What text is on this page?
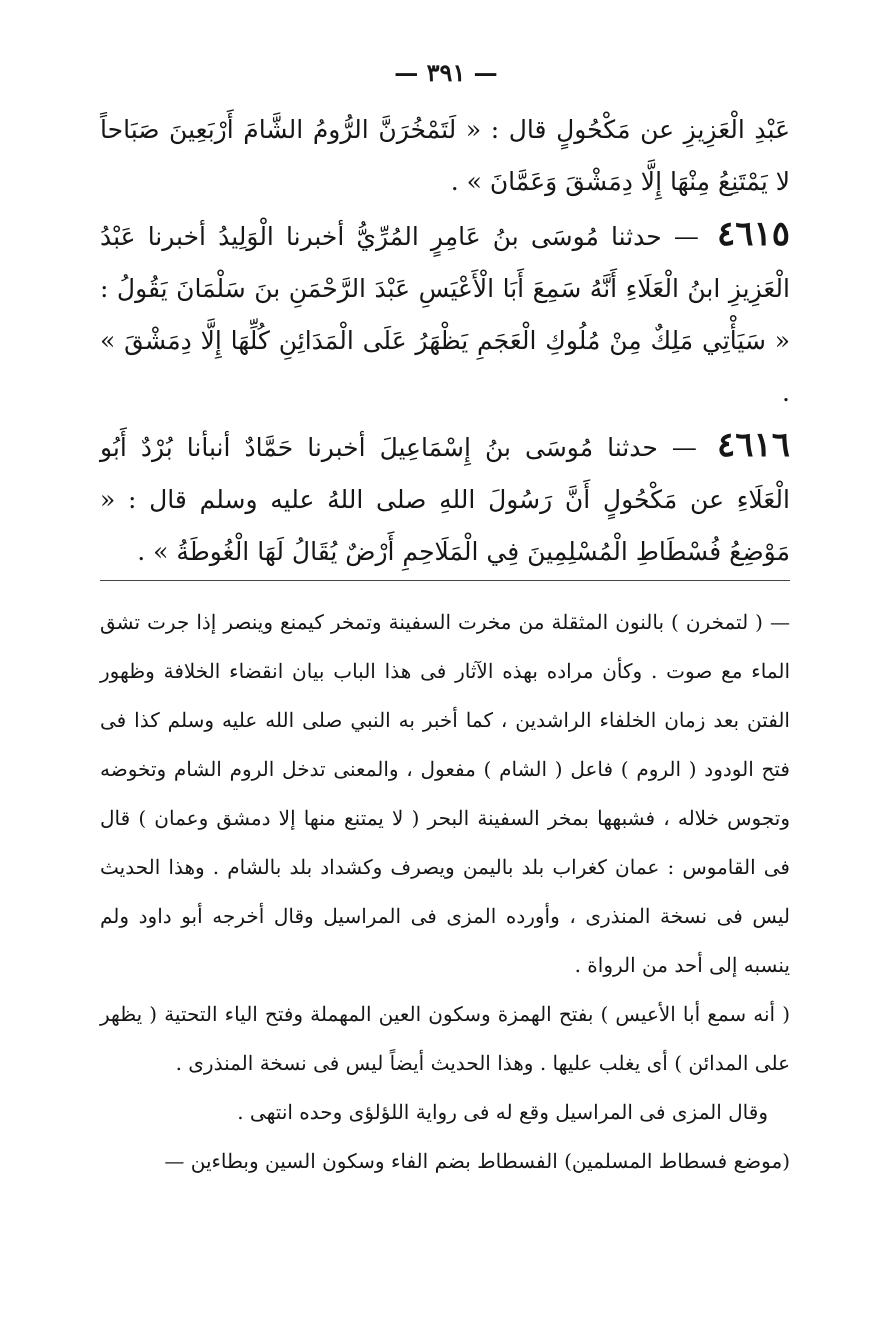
— ٣٩١ —

عَبْدِ الْعَزِيزِ عن مَكْحُولٍ قال : « لَتَمْخُرَنَّ الرُّومُ الشَّامَ أَرْبَعِينَ صَبَاحاً لا يَمْتَنِعُ مِنْهَا إِلَّا دِمَشْقَ وَعَمَّانَ » .

٤٦١٥ — حدثنا مُوسَى بنُ عَامِرٍ المُرِّيُّ أخبرنا الْوَلِيدُ أخبرنا عَبْدُ الْعَزِيزِ ابنُ الْعَلَاءِ أَنَّهُ سَمِعَ أَبَا الْأَعْيَسِ عَبْدَ الرَّحْمَنِ بنَ سَلْمَانَ يَقُولُ : « سَيَأْتِي مَلِكٌ مِنْ مُلُوكِ الْعَجَمِ يَظْهَرُ عَلَى الْمَدَائِنِ كُلِّهَا إِلَّا دِمَشْقَ » .

٤٦١٦ — حدثنا مُوسَى بنُ إِسْمَاعِيلَ أخبرنا حَمَّادٌ أنبأنا بُرْدٌ أَبُو الْعَلَاءِ عن مَكْحُولٍ أَنَّ رَسُولَ اللهِ صلى اللهُ عليه وسلم قال : « مَوْضِعُ فُسْطَاطِ الْمُسْلِمِينَ فِي الْمَلَاحِمِ أَرْضٌ يُقَالُ لَهَا الْغُوطَةُ » .

— ( لتمخرن ) بالنون المثقلة من مخرت السفينة وتمخر كيمنع وينصر إذا جرت تشق الماء مع صوت . وكأن مراده بهذه الآثار فى هذا الباب بيان انقضاء الخلافة وظهور الفتن بعد زمان الخلفاء الراشدين ، كما أخبر به النبي صلى الله عليه وسلم كذا فى فتح الودود ( الروم ) فاعل ( الشام ) مفعول ، والمعنى تدخل الروم الشام وتخوضه وتجوس خلاله ، فشبهها بمخر السفينة البحر ( لا يمتنع منها إلا دمشق وعمان ) قال فى القاموس : عمان كغراب بلد باليمن ويصرف وكشداد بلد بالشام . وهذا الحديث ليس فى نسخة المنذرى ، وأورده المزى فى المراسيل وقال أخرجه أبو داود ولم ينسبه إلى أحد من الرواة .

( أنه سمع أبا الأعيس ) بفتح الهمزة وسكون العين المهملة وفتح الياء التحتية ( يظهر على المدائن ) أى يغلب عليها . وهذا الحديث أيضاً ليس فى نسخة المنذرى .

وقال المزى فى المراسيل وقع له فى رواية اللؤلؤى وحده انتهى .

(موضع فسطاط المسلمين) الفسطاط بضم الفاء وسكون السين وبطاءين —
